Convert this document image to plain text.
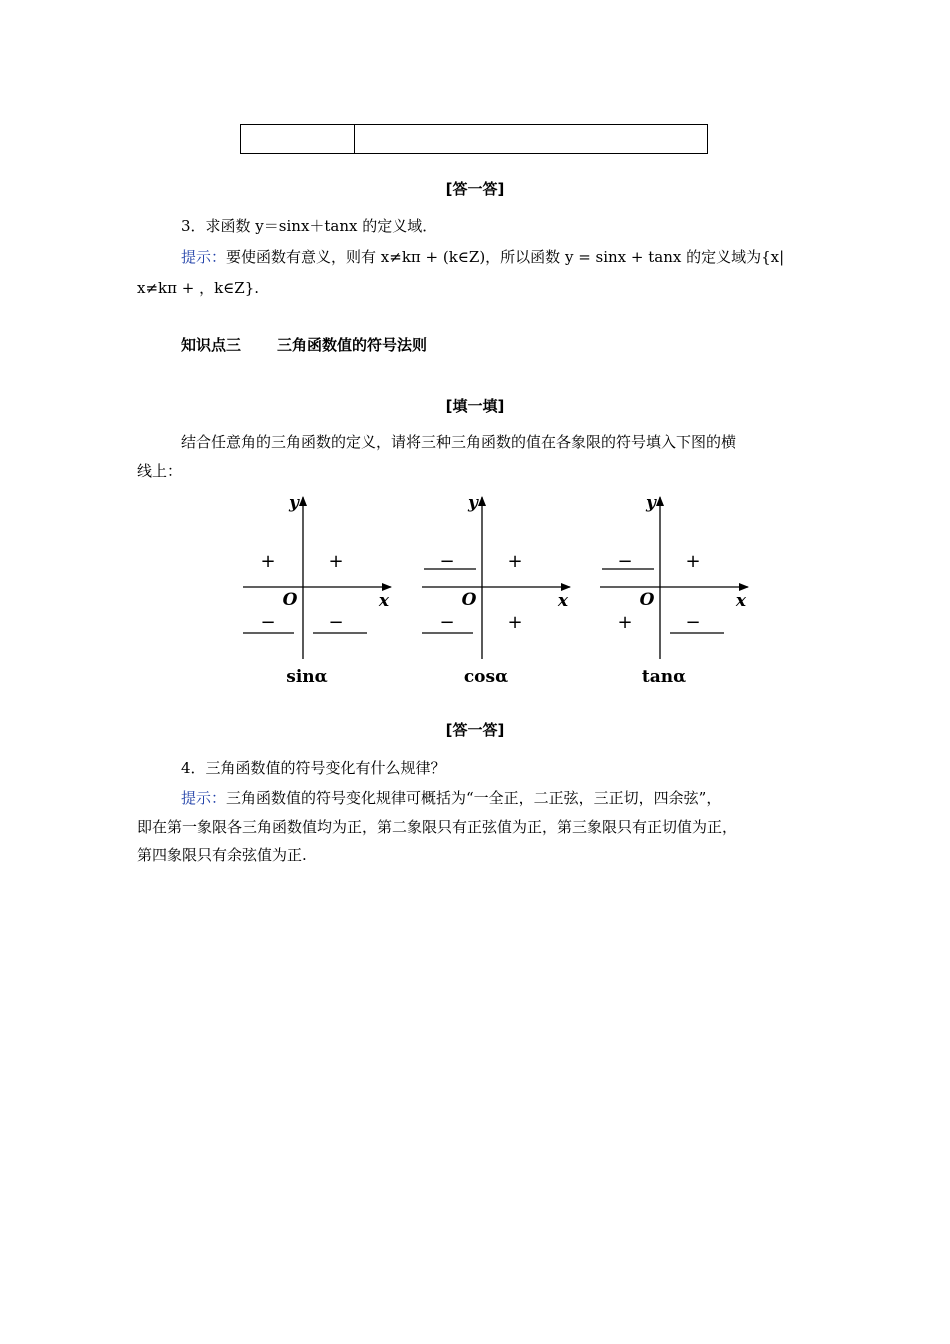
[答一答]
3．求函数 y＝sinx＋tanx 的定义域．
提示：要使函数有意义，则有 x≠kπ + (k∈Z)，所以函数 y = sinx + tanx 的定义域为{x|
x≠kπ + ，k∈Z}.
知识点三 三角函数值的符号法则
[填一填]
结合任意角的三角函数的定义，请将三种三角函数的值在各象限的符号填入下图的横
线上：
y
x
O
+
+
−	−
sinα
y
x
O
+
−
−	+
cosα
y
x
O
+
−
+	−
tanα
[答一答]
4．三角函数值的符号变化有什么规律？
提示：三角函数值的符号变化规律可概括为“一全正，二正弦，三正切，四余弦”，
即在第一象限各三角函数值均为正，第二象限只有正弦值为正，第三象限只有正切值为正，
第四象限只有余弦值为正.
